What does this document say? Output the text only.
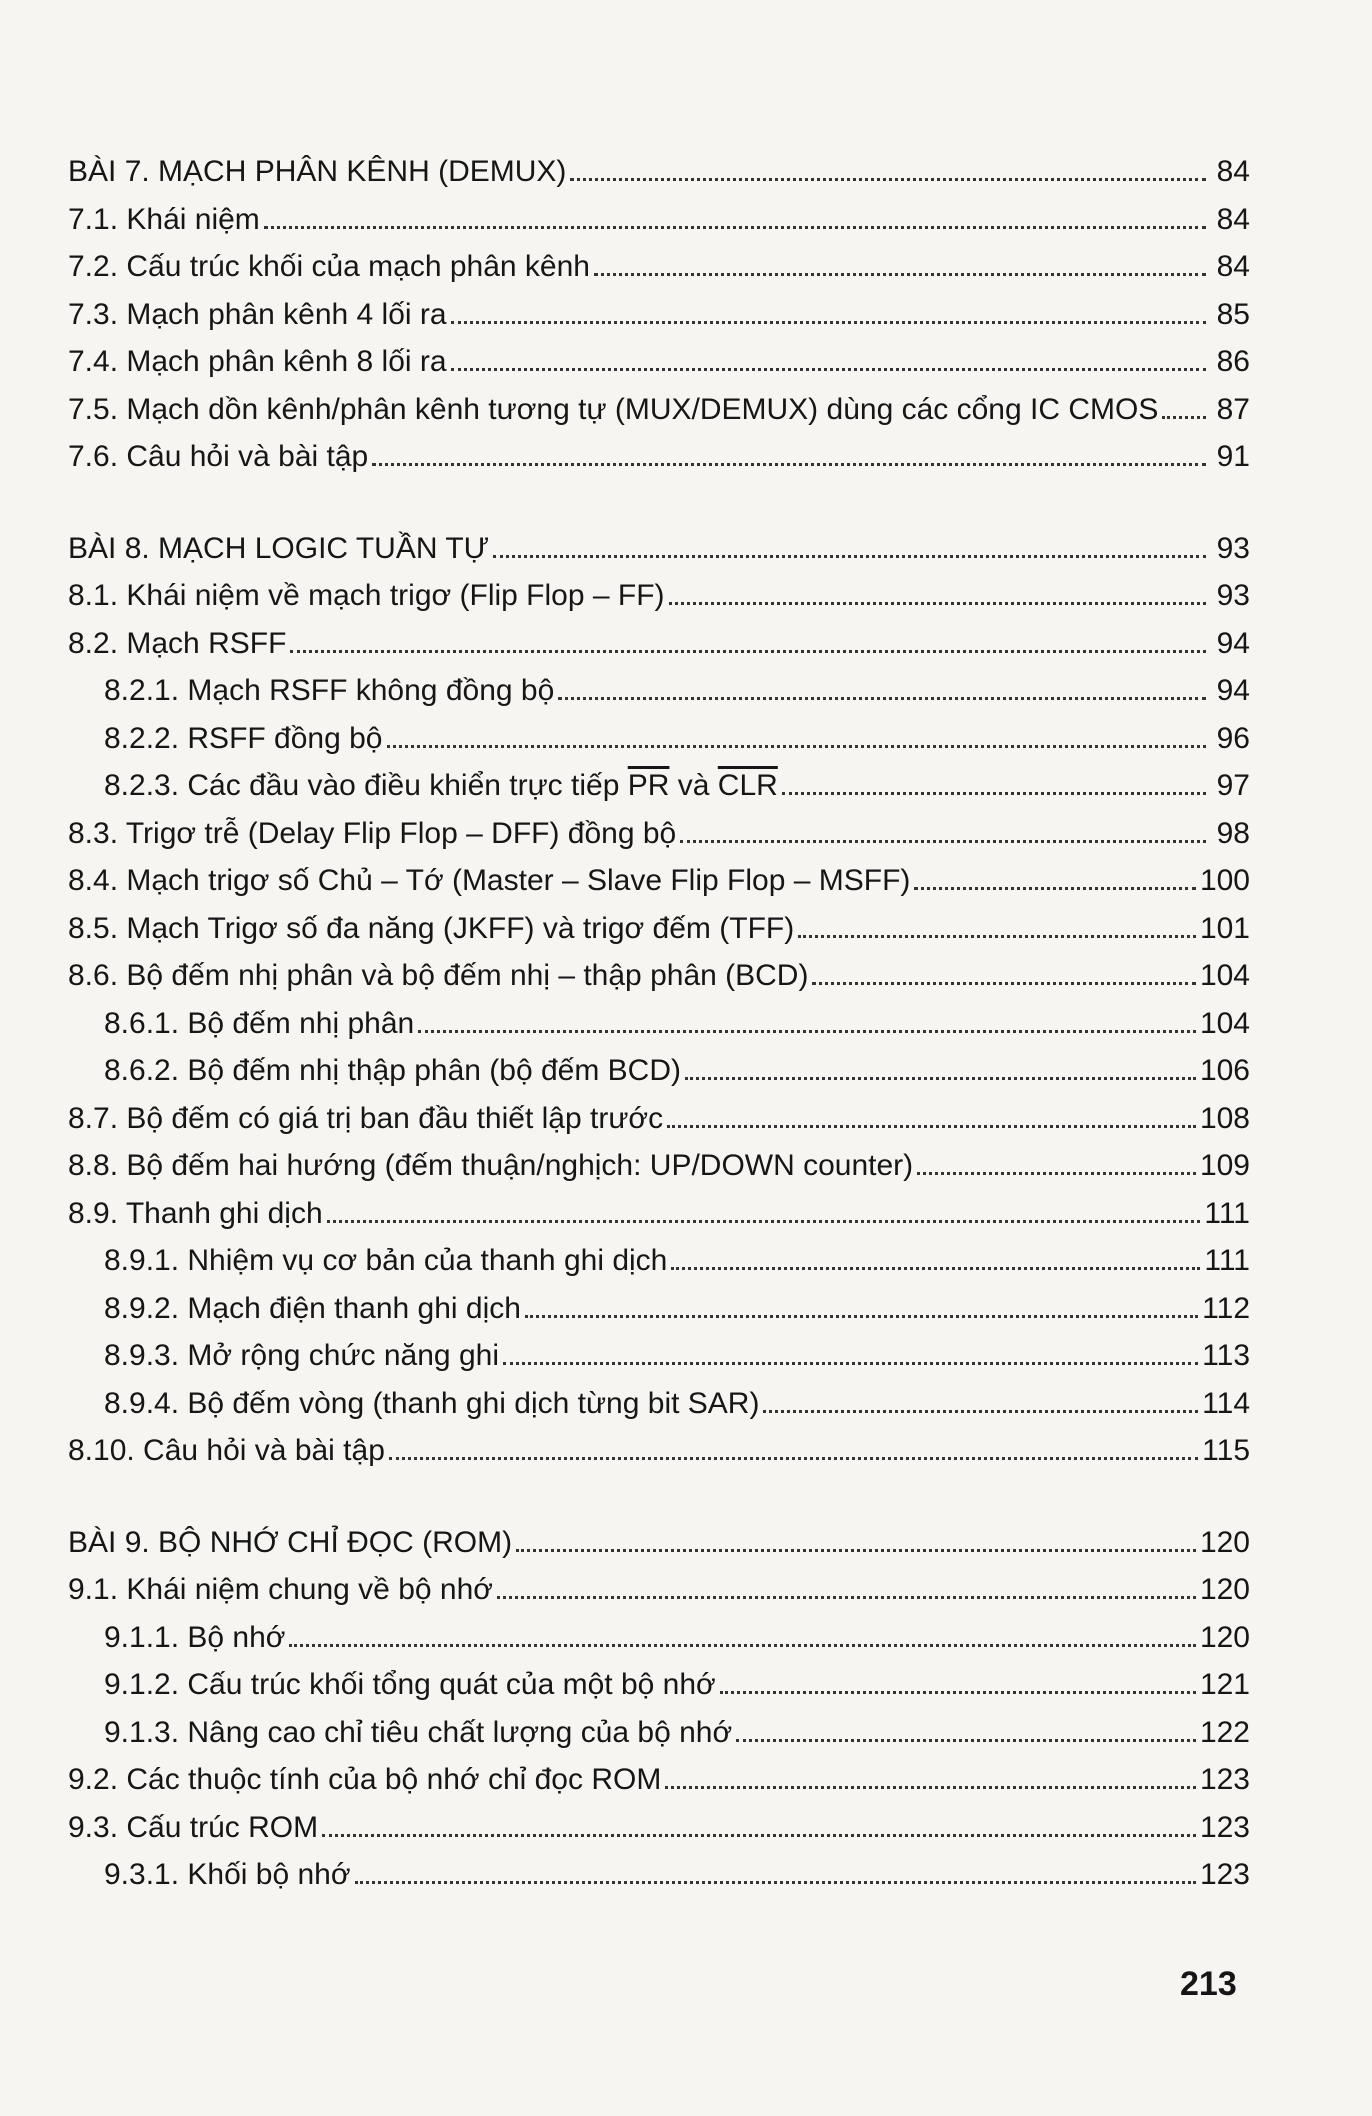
BÀI 7. MẠCH PHÂN KÊNH (DEMUX)	84
7.1. Khái niệm	84
7.2. Cấu trúc khối của mạch phân kênh	84
7.3. Mạch phân kênh 4 lối ra	85
7.4. Mạch phân kênh 8 lối ra	86
7.5. Mạch dồn kênh/phân kênh tương tự (MUX/DEMUX) dùng các cổng IC CMOS 87
7.6. Câu hỏi và bài tập	91
BÀI 8. MẠCH LOGIC TUẦN TỰ	93
8.1. Khái niệm về mạch trigơ (Flip Flop – FF)	93
8.2. Mạch RSFF	94
8.2.1. Mạch RSFF không đồng bộ	94
8.2.2. RSFF đồng bộ	96
8.2.3. Các đầu vào điều khiển trực tiếp $\overline{PR}$ và $\overline{CLR}$	97
8.3. Trigơ trễ (Delay Flip Flop – DFF) đồng bộ	98
8.4. Mạch trigơ số Chủ – Tớ (Master – Slave Flip Flop – MSFF)	100
8.5. Mạch Trigơ số đa năng (JKFF) và trigơ đếm (TFF)	101
8.6. Bộ đếm nhị phân và bộ đếm nhị – thập phân (BCD)	104
8.6.1. Bộ đếm nhị phân	104
8.6.2. Bộ đếm nhị thập phân (bộ đếm BCD)	106
8.7. Bộ đếm có giá trị ban đầu thiết lập trước	108
8.8. Bộ đếm hai hướng (đếm thuận/nghịch: UP/DOWN counter)	109
8.9. Thanh ghi dịch	111
8.9.1. Nhiệm vụ cơ bản của thanh ghi dịch	111
8.9.2. Mạch điện thanh ghi dịch	112
8.9.3. Mở rộng chức năng ghi	113
8.9.4. Bộ đếm vòng (thanh ghi dịch từng bit SAR)	114
8.10. Câu hỏi và bài tập	115
BÀI 9. BỘ NHỚ CHỈ ĐỌC (ROM)	120
9.1. Khái niệm chung về bộ nhớ	120
9.1.1. Bộ nhớ	120
9.1.2. Cấu trúc khối tổng quát của một bộ nhớ	121
9.1.3. Nâng cao chỉ tiêu chất lượng của bộ nhớ	122
9.2. Các thuộc tính của bộ nhớ chỉ đọc ROM	123
9.3. Cấu trúc ROM	123
9.3.1. Khối bộ nhớ	123
213
